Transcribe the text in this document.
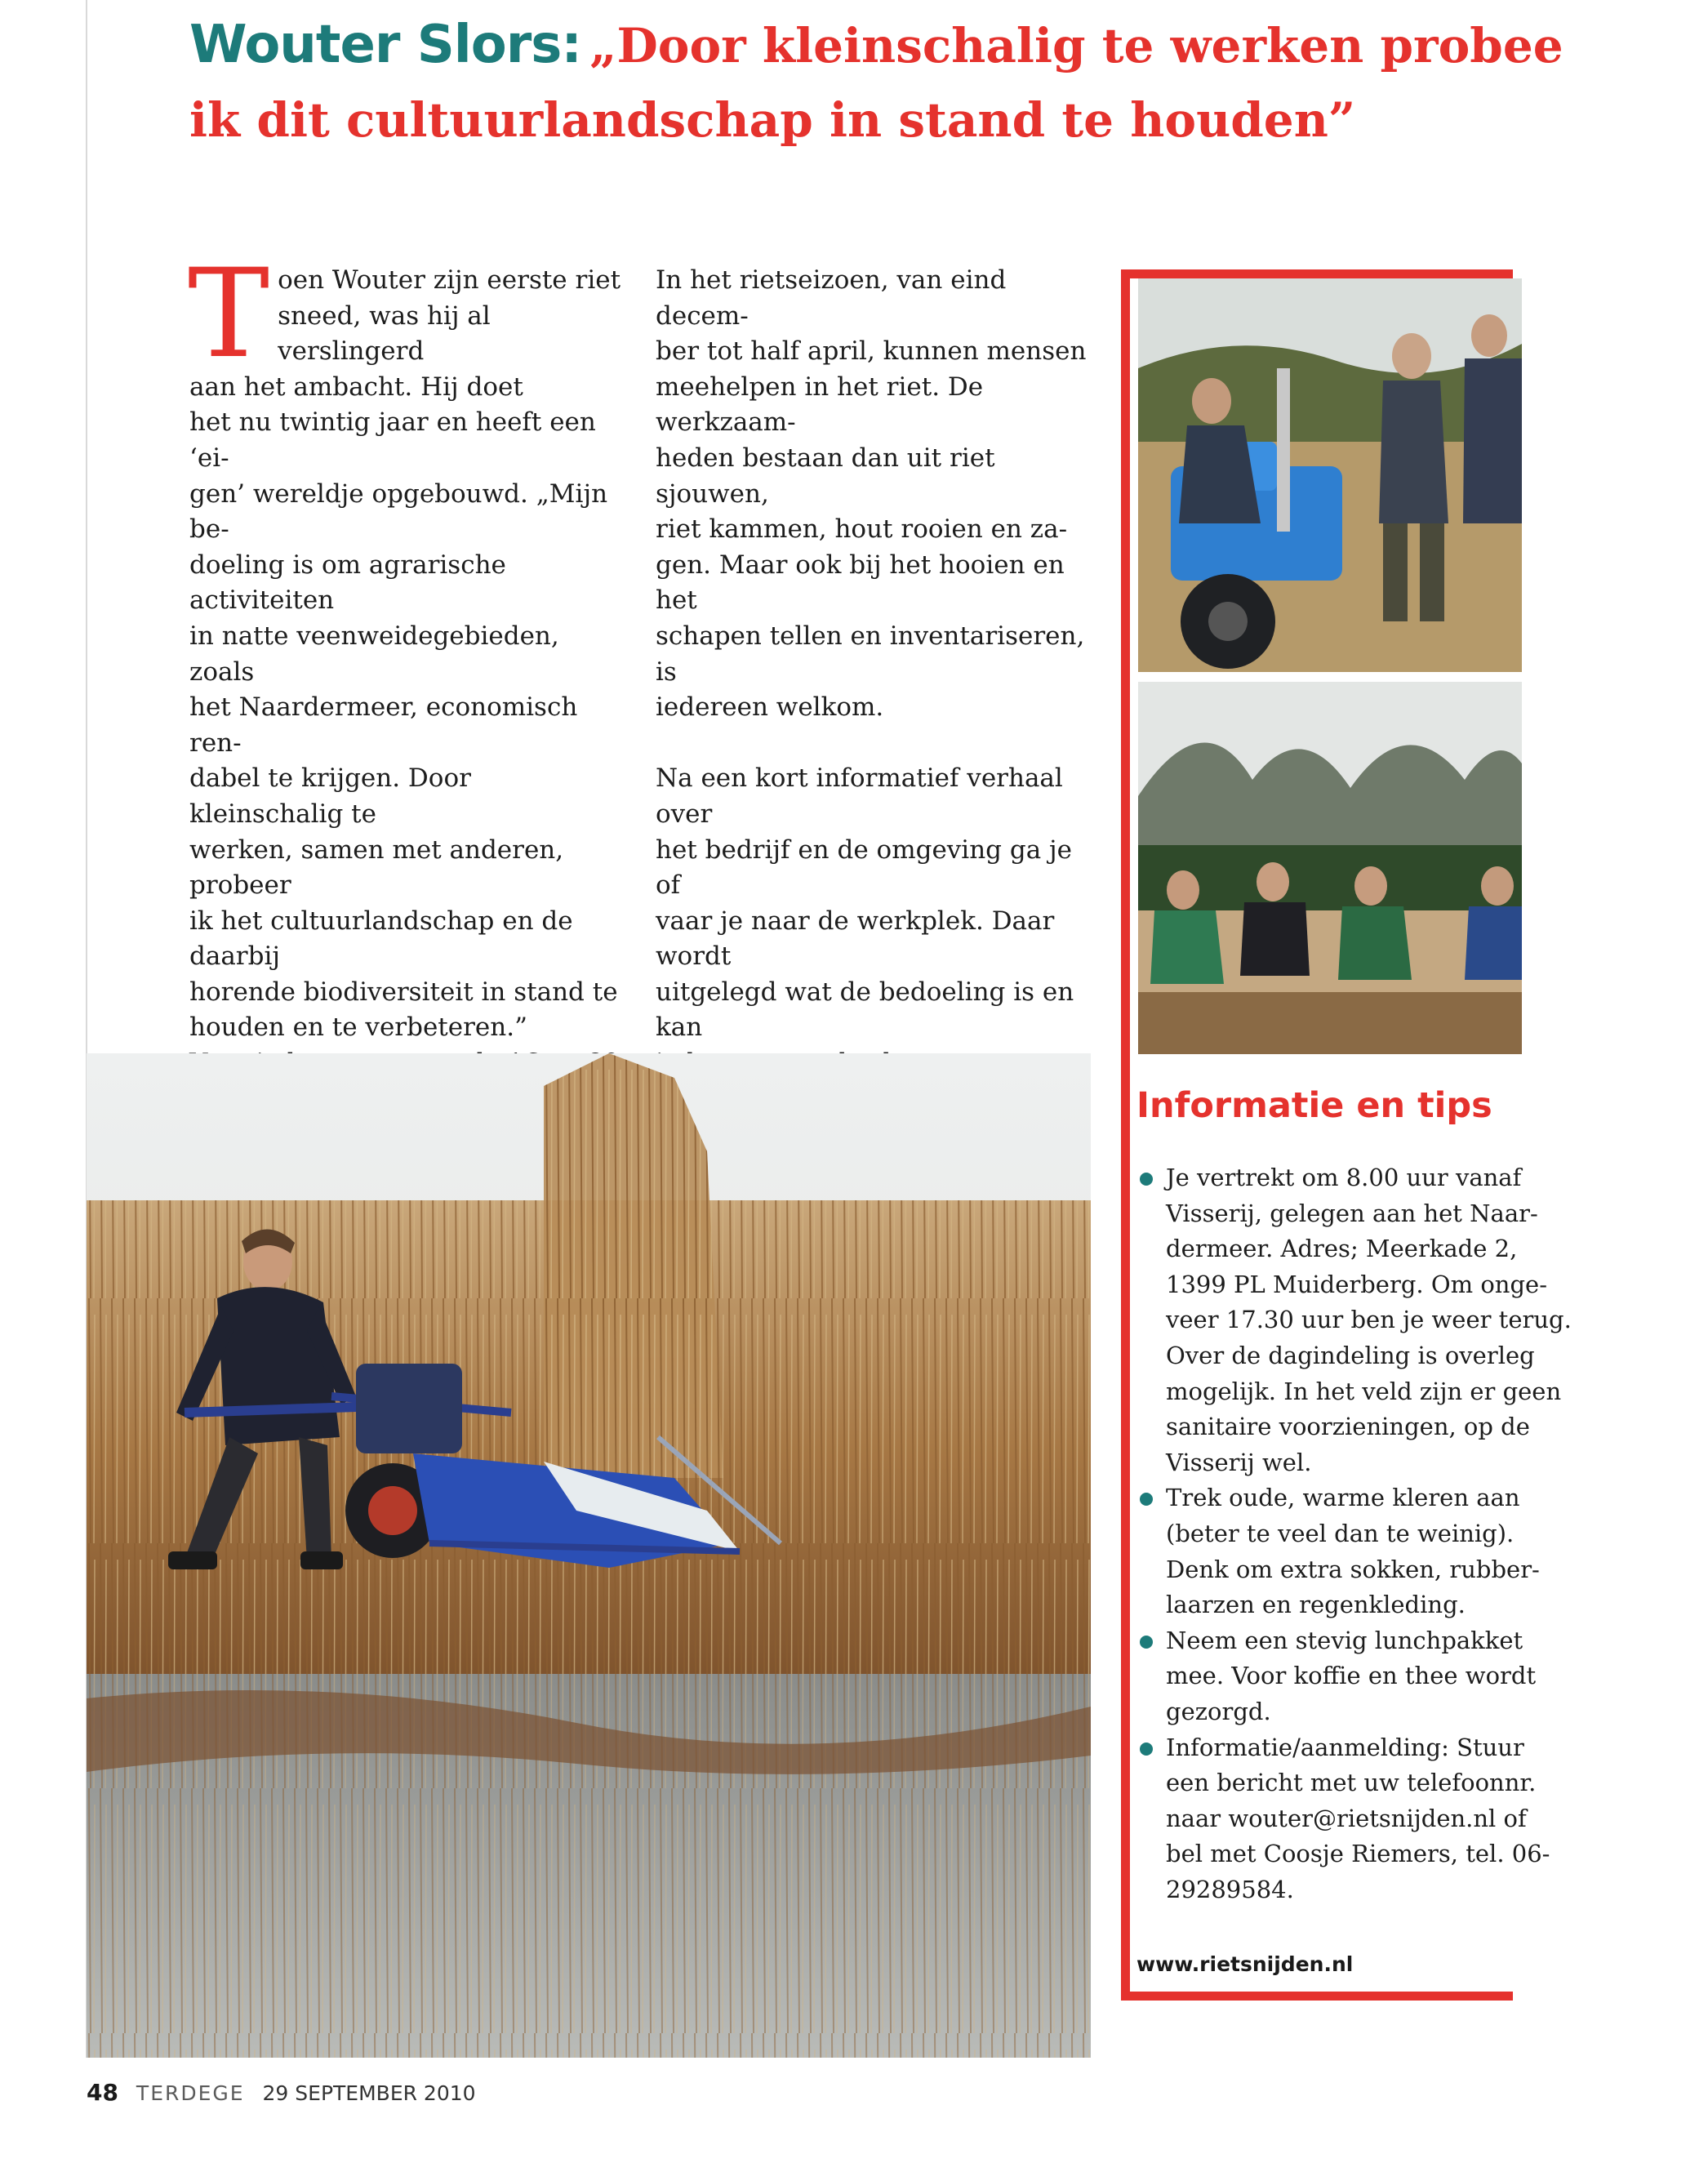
Wouter Slors: „Door kleinschalig te werken probee
ik dit cultuurlandschap in stand te houden”
T oen Wouter zijn eerste riet
sneed, was hij al verslingerd
aan het ambacht. Hij doet
het nu twintig jaar en heeft een ‘ei-
gen’ wereldje opgebouwd. „Mijn be-
doeling is om agrarische activiteiten
in natte veenweidegebieden, zoals
het Naardermeer, economisch ren-
dabel te krijgen. Door kleinschalig te
werken, samen met anderen, probeer
ik het cultuurlandschap en de daarbij
horende biodiversiteit in stand te
houden en te verbeteren.”

In het rietseizoen, van eind decem-
ber tot half april, kunnen mensen
meehelpen in het riet. De werkzaam-
heden bestaan dan uit riet sjouwen,
riet kammen, hout rooien en za-
gen. Maar ook bij het hooien en het
schapen tellen en inventariseren, is
iedereen welkom.

Na een kort informatief verhaal over
het bedrijf en de omgeving ga je of
vaar je naar de werkplek. Daar wordt
uitgelegd wat de bedoeling is en kan

Informatie en tips
Je vertrekt om 8.00 uur vanaf
Visserij, gelegen aan het Naar-
dermeer. Adres; Meerkade 2,
1399 PL Muiderberg. Om onge-
veer 17.30 uur ben je weer terug.
Over de dagindeling is overleg
mogelijk. In het veld zijn er geen
sanitaire voorzieningen, op de
Visserij wel.
Trek oude, warme kleren aan
(beter te veel dan te weinig).
Denk om extra sokken, rubber-
laarzen en regenkleding.
Neem een stevig lunchpakket
mee. Voor koffie en thee wordt
gezorgd.
Informatie/aanmelding: Stuur
een bericht met uw telefoonnr.
naar wouter@rietsnijden.nl of
bel met Coosje Riemers, tel. 06-
29289584.
www.rietsnijden.nl
48 TERDEGE 29 SEPTEMBER 2010
